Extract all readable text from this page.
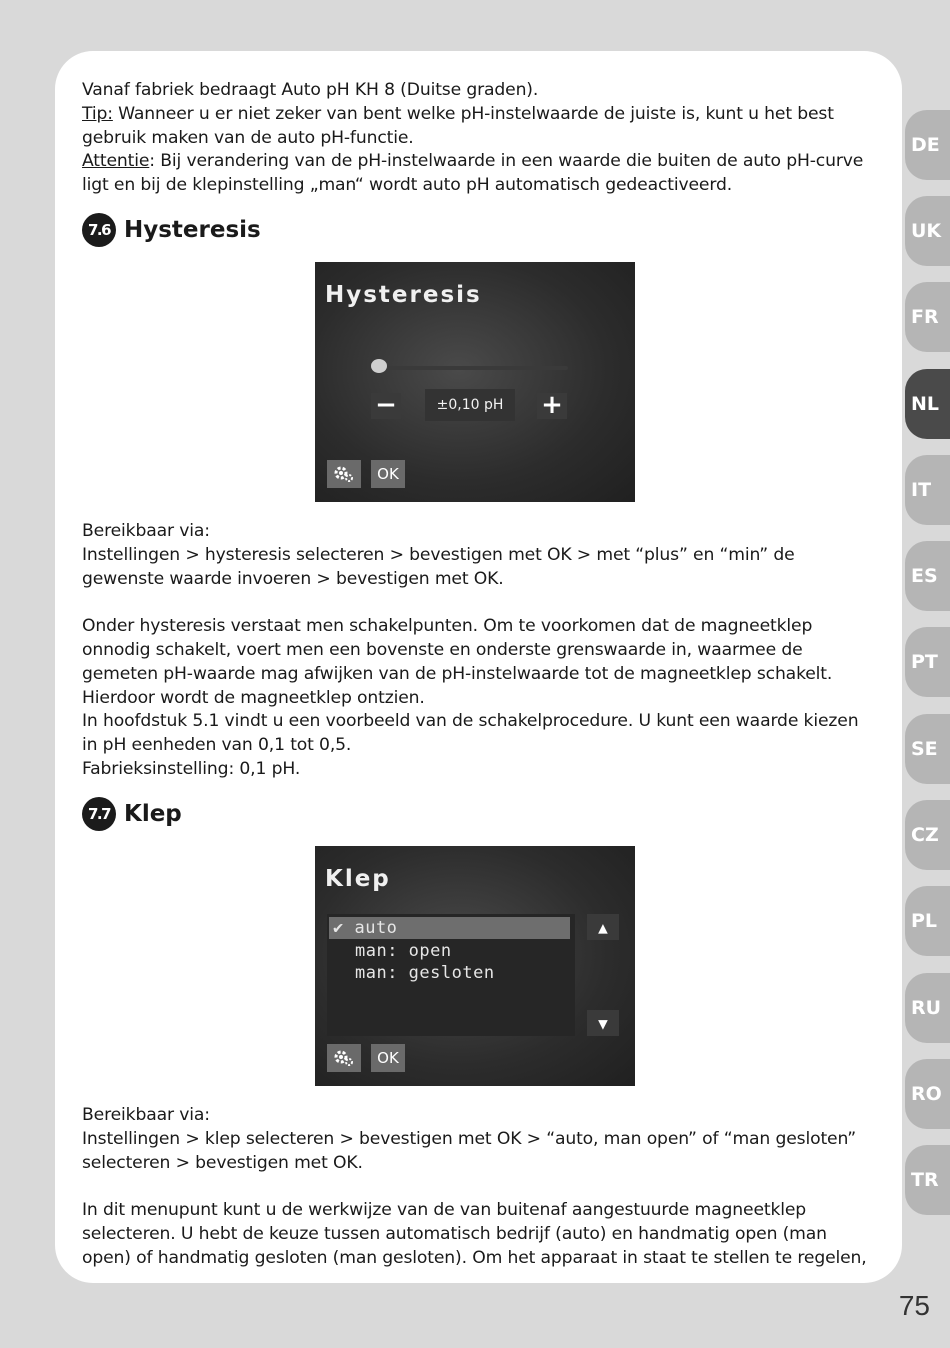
Vanaf fabriek bedraagt Auto pH KH 8 (Duitse graden).

Tip: Wanneer u er niet zeker van bent welke pH-instelwaarde de juiste is, kunt u het best gebruik maken van de auto pH-functie.

Attentie: Bij verandering van de pH-instelwaarde in een waarde die buiten de auto pH-curve ligt en bij de klepinstelling „man“ wordt auto pH automatisch gedeactiveerd.

7.6 Hysteresis
Hysteresis
−	±0,10 pH	+
OK

Bereikbaar via:

Instellingen > hysteresis selecteren > bevestigen met OK > met “plus” en “min” de gewenste waarde invoeren > bevestigen met OK.

Onder hysteresis verstaat men schakelpunten. Om te voorkomen dat de magneetklep onnodig schakelt, voert men een bovenste en onderste grenswaarde in, waarmee de gemeten pH-waarde mag afwijken van de pH-instelwaarde tot de magneetklep schakelt.

Hierdoor wordt de magneetklep ontzien.

In hoofdstuk 5.1 vindt u een voorbeeld van de schakelprocedure. U kunt een waarde kiezen in pH eenheden van 0,1 tot 0,5.

Fabrieksinstelling: 0,1 pH.

7.7 Klep
Klep
✔ auto
man: open
man: gesloten
▲
▼
OK

Bereikbaar via:

Instellingen > klep selecteren > bevestigen met OK > “auto, man open” of “man gesloten” selecteren > bevestigen met OK.

In dit menupunt kunt u de werkwijze van de van buitenaf aangestuurde magneetklep selecteren. U hebt de keuze tussen automatisch bedrijf (auto) en handmatig open (man open) of handmatig gesloten (man gesloten). Om het apparaat in staat te stellen te regelen,

DE
UK
FR
NL
IT
ES
PT
SE
CZ
PL
RU
RO
TR
75
